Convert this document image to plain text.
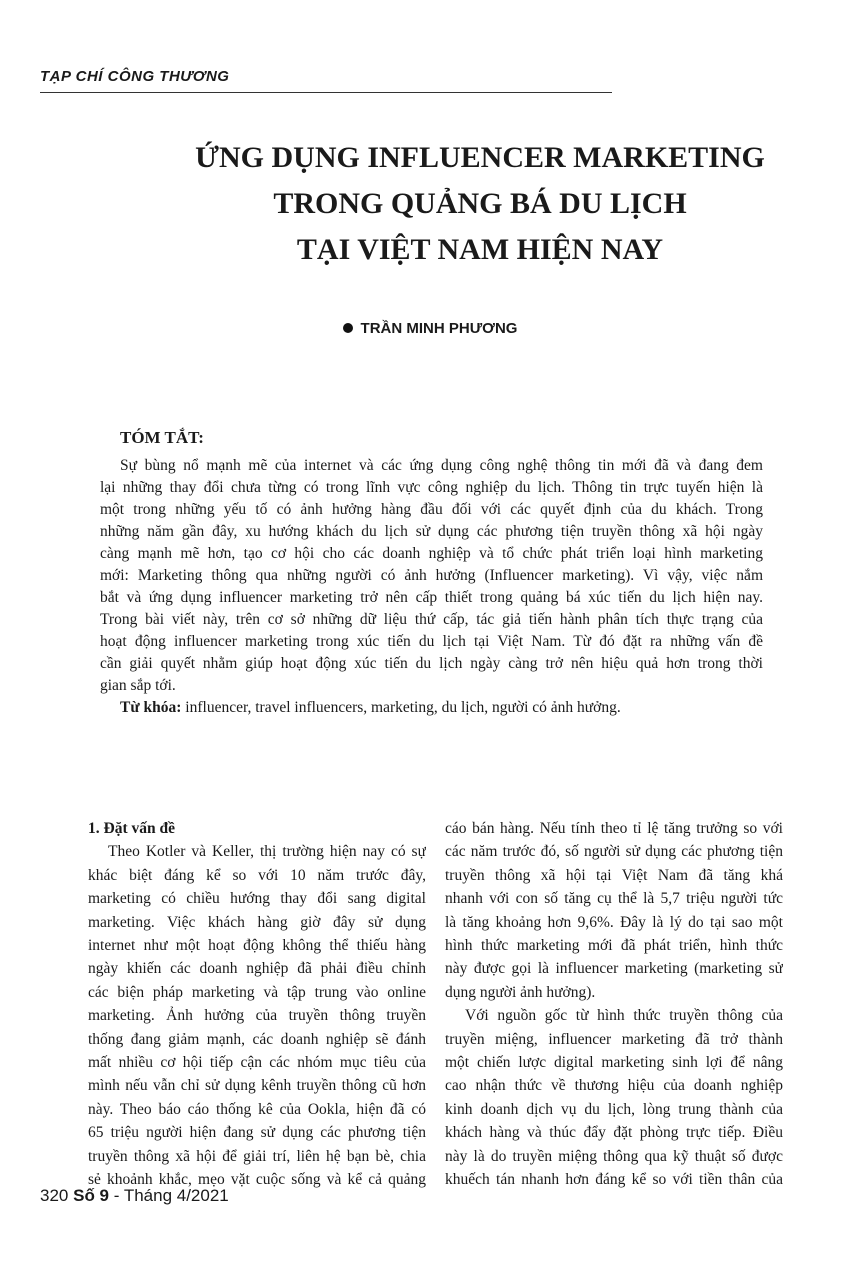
TẠP CHÍ CÔNG THƯƠNG
ỨNG DỤNG INFLUENCER MARKETING
TRONG QUẢNG BÁ DU LỊCH
TẠI VIỆT NAM HIỆN NAY
TRẦN MINH PHƯƠNG
TÓM TẮT:
Sự bùng nổ mạnh mẽ của internet và các ứng dụng công nghệ thông tin mới đã và đang đem
lại những thay đổi chưa từng có trong lĩnh vực công nghiệp du lịch. Thông tin trực tuyến hiện là
một trong những yếu tố có ảnh hưởng hàng đầu đối với các quyết định của du khách. Trong
những năm gần đây, xu hướng khách du lịch sử dụng các phương tiện truyền thông xã hội ngày
càng mạnh mẽ hơn, tạo cơ hội cho các doanh nghiệp và tổ chức phát triển loại hình marketing
mới: Marketing thông qua những người có ảnh hưởng (Influencer marketing). Vì vậy, việc nắm
bắt và ứng dụng influencer marketing trở nên cấp thiết trong quảng bá xúc tiến du lịch hiện nay.
Trong bài viết này, trên cơ sở những dữ liệu thứ cấp, tác giả tiến hành phân tích thực trạng của
hoạt động influencer marketing trong xúc tiến du lịch tại Việt Nam. Từ đó đặt ra những vấn đề
cần giải quyết nhằm giúp hoạt động xúc tiến du lịch ngày càng trở nên hiệu quả hơn trong thời
gian sắp tới.
Từ khóa: influencer, travel influencers, marketing, du lịch, người có ảnh hưởng.
1. Đặt vấn đề
Theo Kotler và Keller, thị trường hiện nay có sự
khác biệt đáng kể so với 10 năm trước đây,
marketing có chiều hướng thay đổi sang digital
marketing. Việc khách hàng giờ đây sử dụng
internet như một hoạt động không thể thiếu hàng
ngày khiến các doanh nghiệp đã phải điều chỉnh
các biện pháp marketing và tập trung vào online
marketing. Ảnh hưởng của truyền thông truyền
thống đang giảm mạnh, các doanh nghiệp sẽ đánh
mất nhiều cơ hội tiếp cận các nhóm mục tiêu của
mình nếu vẫn chỉ sử dụng kênh truyền thông cũ hơn
này. Theo báo cáo thống kê của Ookla, hiện đã có
65 triệu người hiện đang sử dụng các phương tiện
truyền thông xã hội để giải trí, liên hệ bạn bè, chia
sẻ khoảnh khắc, mẹo vặt cuộc sống và kể cả quảng
cáo bán hàng. Nếu tính theo tỉ lệ tăng trưởng so với
các năm trước đó, số người sử dụng các phương tiện
truyền thông xã hội tại Việt Nam đã tăng khá
nhanh với con số tăng cụ thể là 5,7 triệu người tức
là tăng khoảng hơn 9,6%. Đây là lý do tại sao một
hình thức marketing mới đã phát triển, hình thức
này được gọi là influencer marketing (marketing sử
dụng người ảnh hưởng).
Với nguồn gốc từ hình thức truyền thông của
truyền miệng, influencer marketing đã trở thành
một chiến lược digital marketing sinh lợi để nâng
cao nhận thức về thương hiệu của doanh nghiệp
kinh doanh dịch vụ du lịch, lòng trung thành của
khách hàng và thúc đẩy đặt phòng trực tiếp. Điều
này là do truyền miệng thông qua kỹ thuật số được
khuếch tán nhanh hơn đáng kể so với tiền thân của
320 Số 9 - Tháng 4/2021
